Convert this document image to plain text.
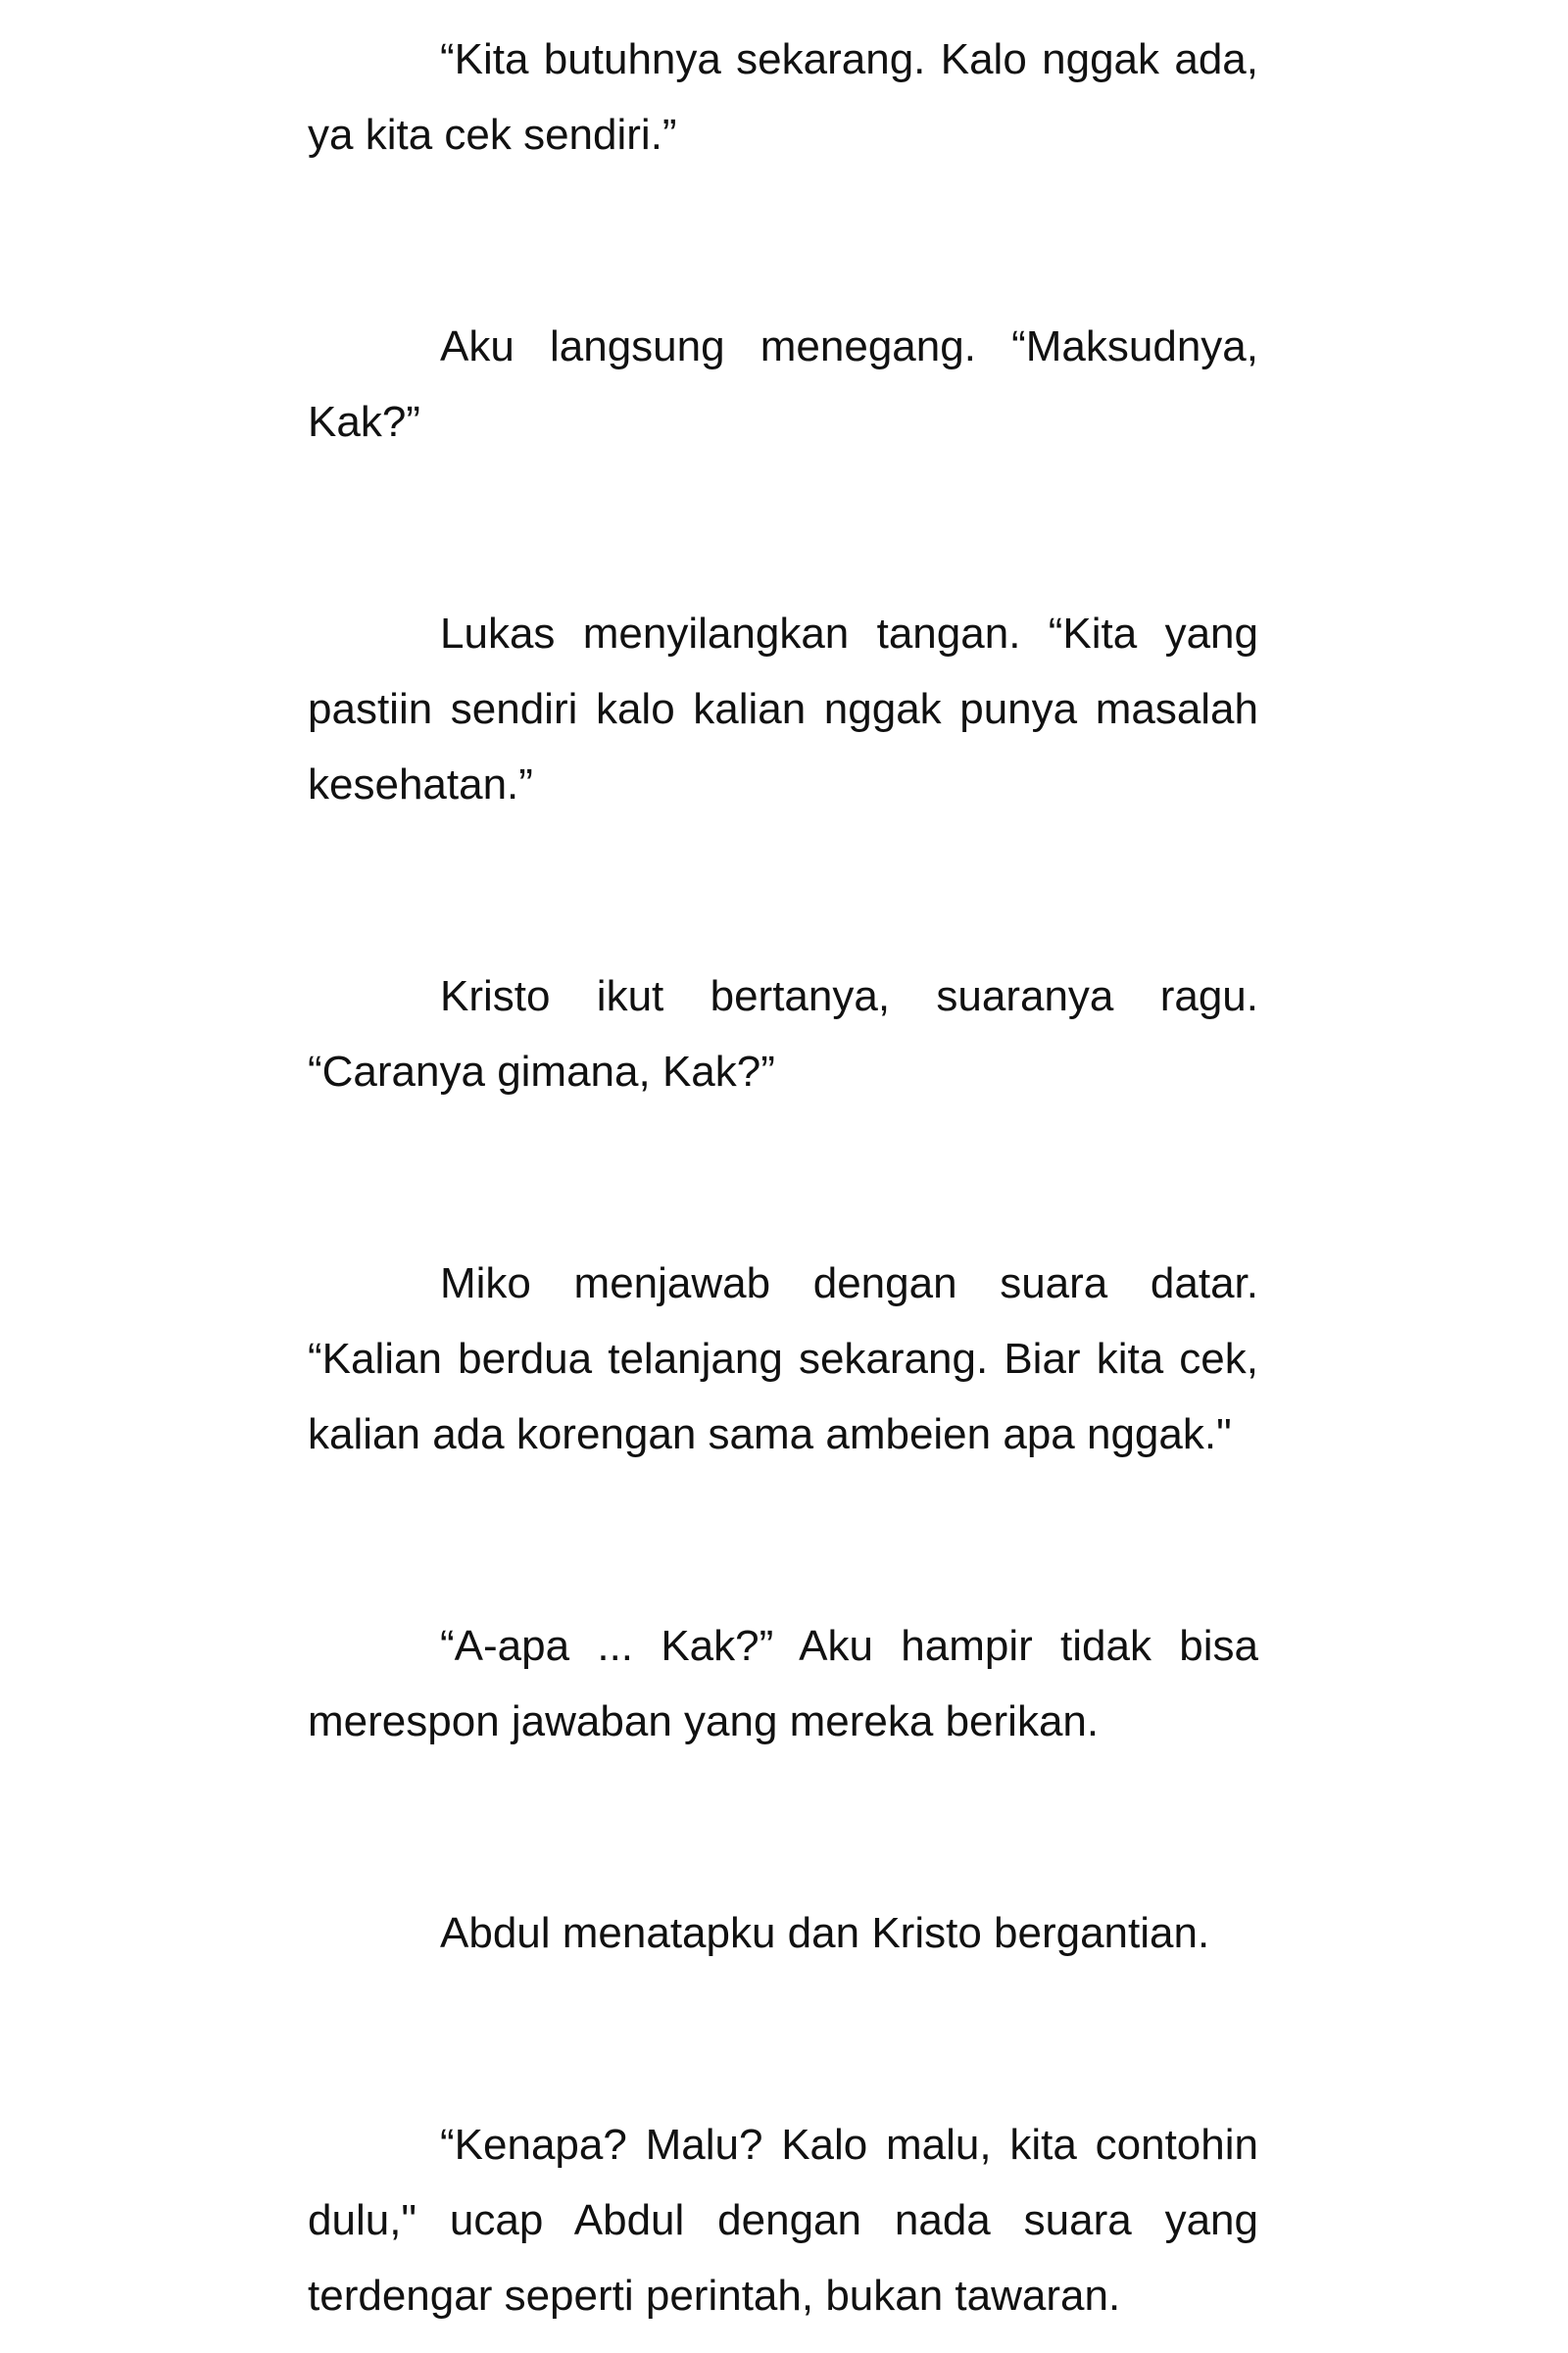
“Kita butuhnya sekarang. Kalo nggak ada, ya kita cek sendiri.”

Aku langsung menegang. “Maksudnya, Kak?”

Lukas menyilangkan tangan. “Kita yang pastiin sendiri kalo kalian nggak punya masalah kesehatan.”

Kristo ikut bertanya, suaranya ragu. “Caranya gimana, Kak?”

Miko menjawab dengan suara datar. “Kalian berdua telanjang sekarang. Biar kita cek, kalian ada korengan sama ambeien apa nggak."

“A-apa ... Kak?” Aku hampir tidak bisa merespon jawaban yang mereka berikan.

Abdul menatapku dan Kristo bergantian.

“Kenapa? Malu? Kalo malu, kita contohin dulu," ucap Abdul dengan nada suara yang terdengar seperti perintah, bukan tawaran.
